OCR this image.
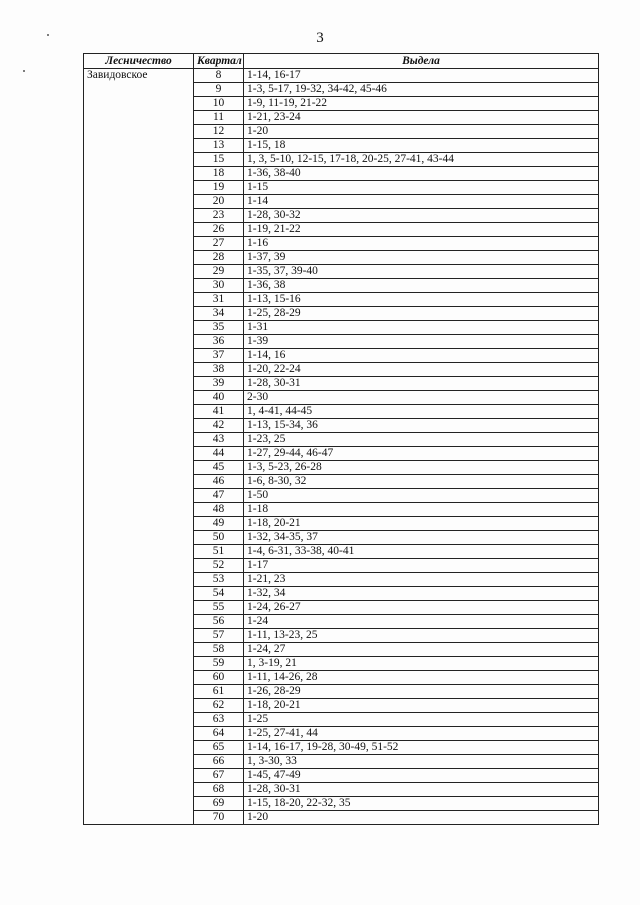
3
Лесничество	Квартал	Выдела
Завидовское	8	1-14, 16-17
	9	1-3, 5-17, 19-32, 34-42, 45-46
	10	1-9, 11-19, 21-22
	11	1-21, 23-24
	12	1-20
	13	1-15, 18
	15	1, 3, 5-10, 12-15, 17-18, 20-25, 27-41, 43-44
	18	1-36, 38-40
	19	1-15
	20	1-14
	23	1-28, 30-32
	26	1-19, 21-22
	27	1-16
	28	1-37, 39
	29	1-35, 37, 39-40
	30	1-36, 38
	31	1-13, 15-16
	34	1-25, 28-29
	35	1-31
	36	1-39
	37	1-14, 16
	38	1-20, 22-24
	39	1-28, 30-31
	40	2-30
	41	1, 4-41, 44-45
	42	1-13, 15-34, 36
	43	1-23, 25
	44	1-27, 29-44, 46-47
	45	1-3, 5-23, 26-28
	46	1-6, 8-30, 32
	47	1-50
	48	1-18
	49	1-18, 20-21
	50	1-32, 34-35, 37
	51	1-4, 6-31, 33-38, 40-41
	52	1-17
	53	1-21, 23
	54	1-32, 34
	55	1-24, 26-27
	56	1-24
	57	1-11, 13-23, 25
	58	1-24, 27
	59	1, 3-19, 21
	60	1-11, 14-26, 28
	61	1-26, 28-29
	62	1-18, 20-21
	63	1-25
	64	1-25, 27-41, 44
	65	1-14, 16-17, 19-28, 30-49, 51-52
	66	1, 3-30, 33
	67	1-45, 47-49
	68	1-28, 30-31
	69	1-15, 18-20, 22-32, 35
	70	1-20
